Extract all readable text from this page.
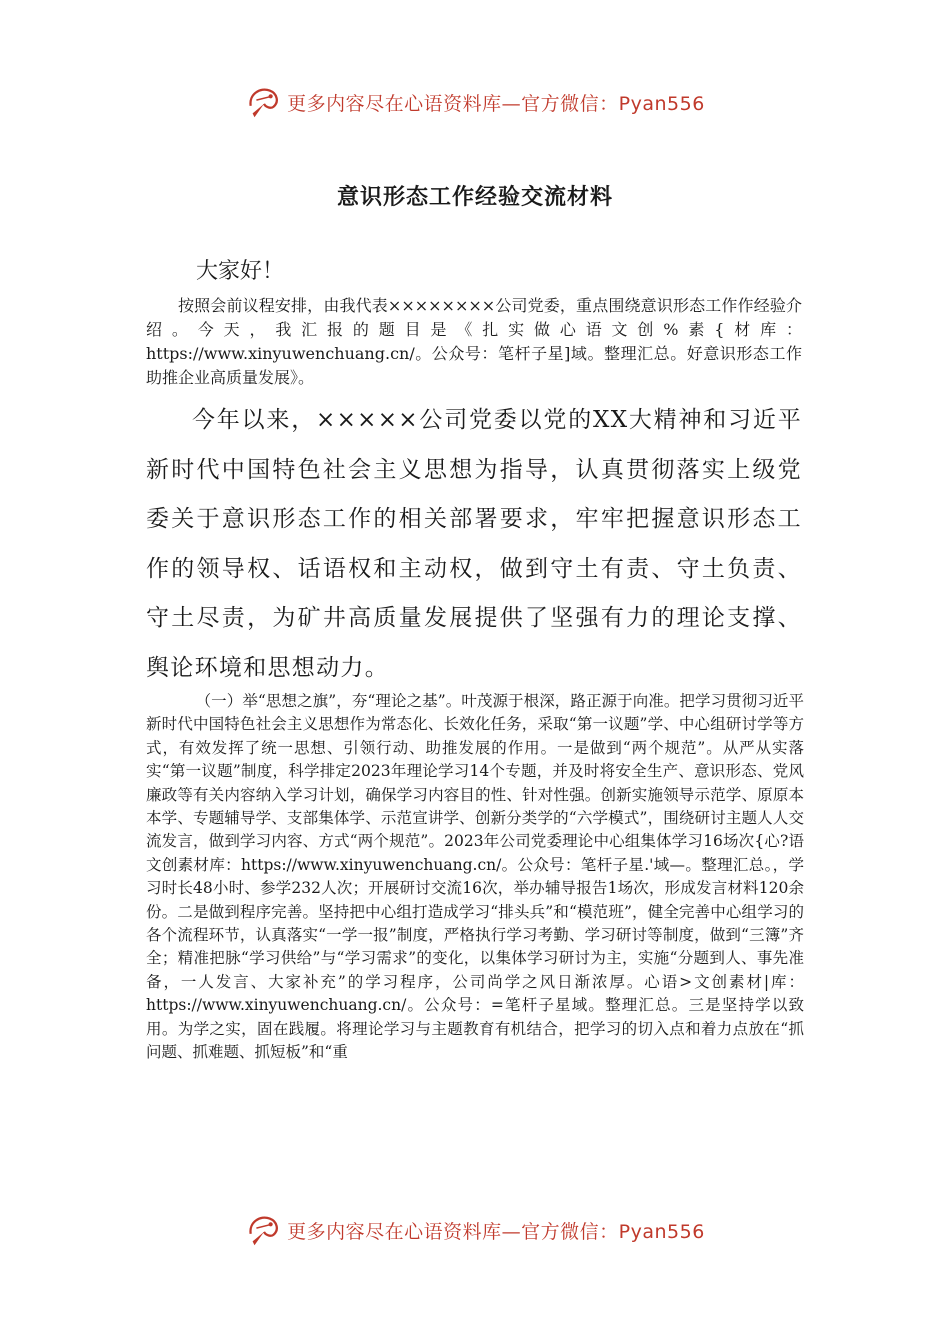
更多内容尽在心语资料库—官方微信：Pyan556
意识形态工作经验交流材料

大家好！

按照会前议程安排，由我代表××××××××公司党委，重点围绕意识形态工作作经验介绍。今天，我汇报的题目是《扎实做心语文创%素{材库：https://www.xinyuwenchuang.cn/。公众号：笔杆子星]域。整理汇总。好意识形态工作助推企业高质量发展》。

今年以来，×××××公司党委以党的XX大精神和习近平新时代中国特色社会主义思想为指导，认真贯彻落实上级党委关于意识形态工作的相关部署要求，牢牢把握意识形态工作的领导权、话语权和主动权，做到守土有责、守土负责、守土尽责，为矿井高质量发展提供了坚强有力的理论支撑、舆论环境和思想动力。

（一）举“思想之旗”，夯“理论之基”。叶茂源于根深，路正源于向准。把学习贯彻习近平新时代中国特色社会主义思想作为常态化、长效化任务，采取“第一议题”学、中心组研讨学等方式，有效发挥了统一思想、引领行动、助推发展的作用。一是做到“两个规范”。从严从实落实“第一议题”制度，科学排定2023年理论学习14个专题，并及时将安全生产、意识形态、党风廉政等有关内容纳入学习计划，确保学习内容目的性、针对性强。创新实施领导示范学、原原本本学、专题辅导学、支部集体学、示范宣讲学、创新分类学的“六学模式”，围绕研讨主题人人交流发言，做到学习内容、方式“两个规范”。2023年公司党委理论中心组集体学习16场次{心?语文创素材库：https://www.xinyuwenchuang.cn/。公众号：笔杆子星.'域—。整理汇总。，学习时长48小时、参学232人次；开展研讨交流16次，举办辅导报告1场次，形成发言材料120余份。二是做到程序完善。坚持把中心组打造成学习“排头兵”和“模范班”，健全完善中心组学习的各个流程环节，认真落实“一学一报”制度，严格执行学习考勤、学习研讨等制度，做到“三簿”齐全；精准把脉“学习供给”与“学习需求”的变化，以集体学习研讨为主，实施“分题到人、事先准备，一人发言、大家补充”的学习程序，公司尚学之风日渐浓厚。心语>文创素材|库：https://www.xinyuwenchuang.cn/。公众号：=笔杆子星域。整理汇总。三是坚持学以致用。为学之实，固在践履。将理论学习与主题教育有机结合，把学习的切入点和着力点放在“抓问题、抓难题、抓短板”和“重

更多内容尽在心语资料库—官方微信：Pyan556
